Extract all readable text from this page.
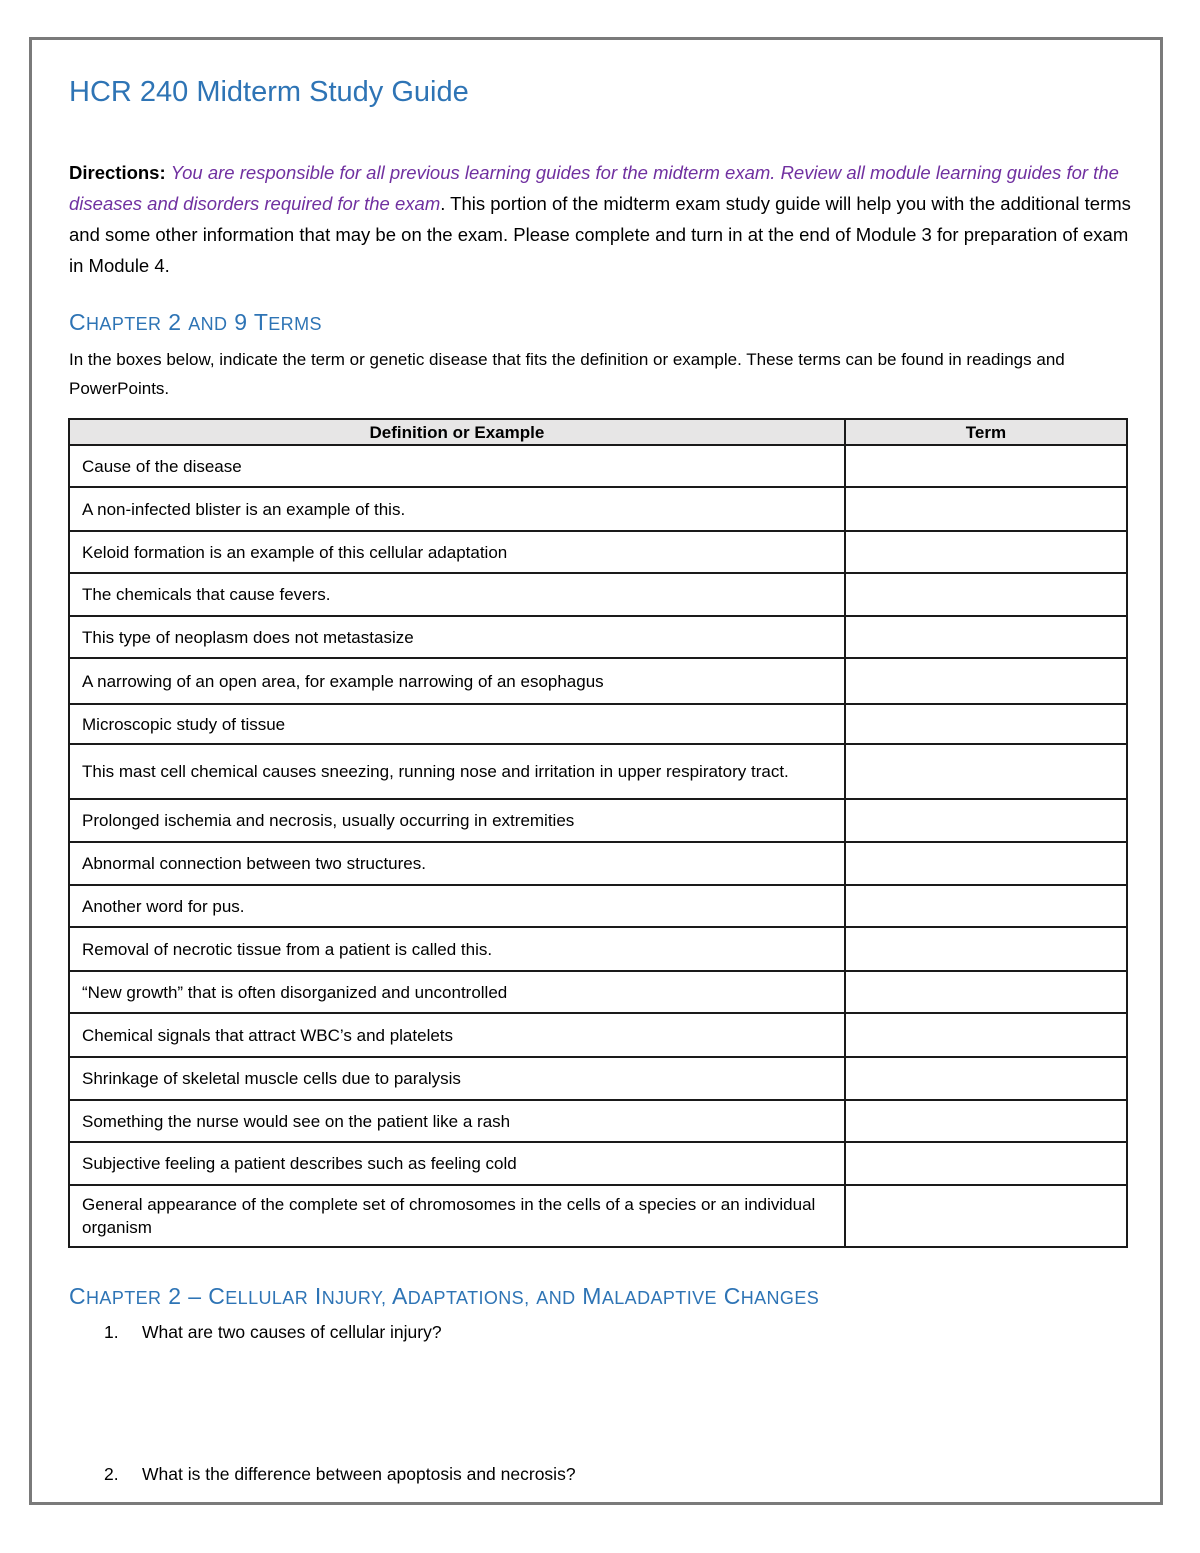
HCR 240 Midterm Study Guide
Directions: You are responsible for all previous learning guides for the midterm exam. Review all module learning guides for the diseases and disorders required for the exam. This portion of the midterm exam study guide will help you with the additional terms and some other information that may be on the exam. Please complete and turn in at the end of Module 3 for preparation of exam in Module 4.
CHAPTER 2 AND 9 TERMS
In the boxes below, indicate the term or genetic disease that fits the definition or example. These terms can be found in readings and PowerPoints.
Definition or Example	Term
Cause of the disease	
A non-infected blister is an example of this.	
Keloid formation is an example of this cellular adaptation	
The chemicals that cause fevers.	
This type of neoplasm does not metastasize	
A narrowing of an open area, for example narrowing of an esophagus	
Microscopic study of tissue	
This mast cell chemical causes sneezing, running nose and irritation in upper respiratory tract.	
Prolonged ischemia and necrosis, usually occurring in extremities	
Abnormal connection between two structures.	
Another word for pus.	
Removal of necrotic tissue from a patient is called this.	
“New growth” that is often disorganized and uncontrolled	
Chemical signals that attract WBC’s and platelets	
Shrinkage of skeletal muscle cells due to paralysis	
Something the nurse would see on the patient like a rash	
Subjective feeling a patient describes such as feeling cold	
General appearance of the complete set of chromosomes in the cells of a species or an individual organism	
CHAPTER 2 – CELLULAR INJURY, ADAPTATIONS, AND MALADAPTIVE CHANGES
1. What are two causes of cellular injury?
2. What is the difference between apoptosis and necrosis?
